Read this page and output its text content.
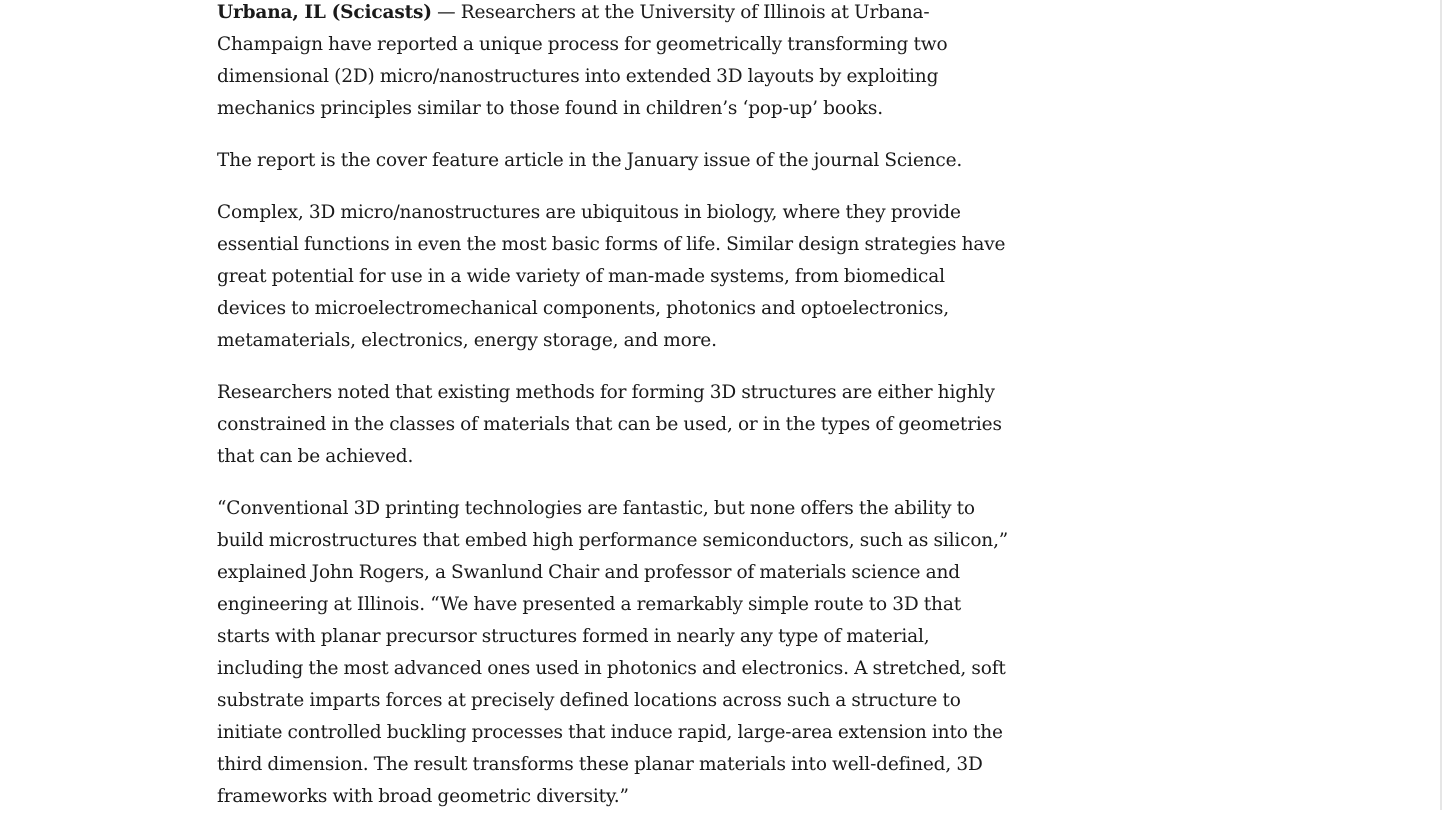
Urbana, IL (Scicasts) — Researchers at the University of Illinois at Urbana-Champaign have reported a unique process for geometrically transforming two dimensional (2D) micro/nanostructures into extended 3D layouts by exploiting mechanics principles similar to those found in children’s ‘pop-up’ books.

The report is the cover feature article in the January issue of the journal Science.

Complex, 3D micro/nanostructures are ubiquitous in biology, where they provide essential functions in even the most basic forms of life. Similar design strategies have great potential for use in a wide variety of man-made systems, from biomedical devices to microelectromechanical components, photonics and optoelectronics, metamaterials, electronics, energy storage, and more.

Researchers noted that existing methods for forming 3D structures are either highly constrained in the classes of materials that can be used, or in the types of geometries that can be achieved.

“Conventional 3D printing technologies are fantastic, but none offers the ability to build microstructures that embed high performance semiconductors, such as silicon,” explained John Rogers, a Swanlund Chair and professor of materials science and engineering at Illinois. “We have presented a remarkably simple route to 3D that starts with planar precursor structures formed in nearly any type of material, including the most advanced ones used in photonics and electronics. A stretched, soft substrate imparts forces at precisely defined locations across such a structure to initiate controlled buckling processes that induce rapid, large-area extension into the third dimension. The result transforms these planar materials into well-defined, 3D frameworks with broad geometric diversity.”
